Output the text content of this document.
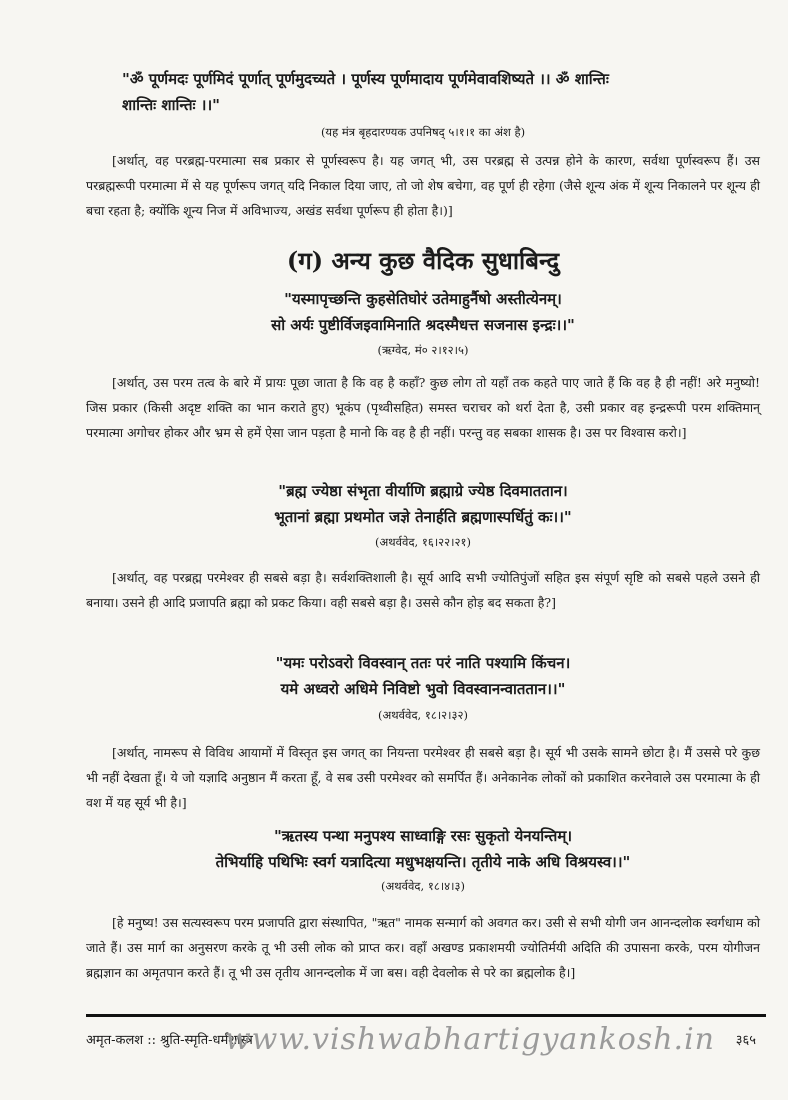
"ॐ पूर्णमदः पूर्णमिदं पूर्णात् पूर्णमुदच्यते । पूर्णस्य पूर्णमादाय पूर्णमेवावशिष्यते ।। ॐ शान्तिः
शान्तिः शान्तिः ।।"
(यह मंत्र बृहदारण्यक उपनिषद् ५।१।१ का अंश है)
[अर्थात्, वह परब्रह्म-परमात्मा सब प्रकार से पूर्णस्वरूप है। यह जगत् भी, उस परब्रह्म से उत्पन्न होने के कारण, सर्वथा पूर्णस्वरूप हैं। उस परब्रह्मरूपी परमात्मा में से यह पूर्णरूप जगत् यदि निकाल दिया जाए, तो जो शेष बचेगा, वह पूर्ण ही रहेगा (जैसे शून्य अंक में शून्य निकालने पर शून्य ही बचा रहता है; क्योंकि शून्य निज में अविभाज्य, अखंड सर्वथा पूर्णरूप ही होता है।)]
(ग) अन्य कुछ वैदिक सुधाबिन्दु
"यस्मापृच्छन्ति कुहसेतिघोरं उतेमाहुर्नैषो अस्तीत्येनम्।
सो अर्यः पुष्टीर्विजइवामिनाति श्रदस्मैधत्त सजनास इन्द्रः।।"
(ऋग्वेद, मं० २।१२।५)
[अर्थात्, उस परम तत्व के बारे में प्रायः पूछा जाता है कि वह है कहाँ? कुछ लोग तो यहाँ तक कहते पाए जाते हैं कि वह है ही नहीं! अरे मनुष्यो! जिस प्रकार (किसी अदृष्ट शक्ति का भान कराते हुए) भूकंप (पृथ्वीसहित) समस्त चराचर को थर्रा देता है, उसी प्रकार वह इन्द्ररूपी परम शक्तिमान् परमात्मा अगोचर होकर और भ्रम से हमें ऐसा जान पड़ता है मानो कि वह है ही नहीं। परन्तु वह सबका शासक है। उस पर विश्वास करो।]
"ब्रह्म ज्येष्ठा संभृता वीर्याणि ब्रह्माग्रे ज्येष्ठ दिवमाततान।
भूतानां ब्रह्मा प्रथमोत जज्ञे तेनार्हति ब्रह्मणास्पर्धितुं कः।।"
(अथर्ववेद, १६।२२।२१)
[अर्थात्, वह परब्रह्म परमेश्वर ही सबसे बड़ा है। सर्वशक्तिशाली है। सूर्य आदि सभी ज्योतिपुंजों सहित इस संपूर्ण सृष्टि को सबसे पहले उसने ही बनाया। उसने ही आदि प्रजापति ब्रह्मा को प्रकट किया। वही सबसे बड़ा है। उससे कौन होड़ बद सकता है?]
"यमः परोऽवरो विवस्वान् ततः परं नाति पश्यामि किंचन।
यमे अध्वरो अधिमे निविष्टो भुवो विवस्वानन्वाततान।।"
(अथर्ववेद, १८।२।३२)
[अर्थात्, नामरूप से विविध आयामों में विस्तृत इस जगत् का नियन्ता परमेश्वर ही सबसे बड़ा है। सूर्य भी उसके सामने छोटा है। मैं उससे परे कुछ भी नहीं देखता हूँ। ये जो यज्ञादि अनुष्ठान मैं करता हूँ, वे सब उसी परमेश्वर को समर्पित हैं। अनेकानेक लोकों को प्रकाशित करनेवाले उस परमात्मा के ही वश में यह सूर्य भी है।]
"ऋतस्य पन्था मनुपश्य साध्वाङ्गि रसः सुकृतो येनयन्तिम्।
तेभिर्याहि पथिभिः स्वर्ग यत्रादित्या मधुभक्षयन्ति। तृतीये नाके अधि विश्रयस्व।।"
(अथर्ववेद, १८।४।३)
[हे मनुष्य! उस सत्यस्वरूप परम प्रजापति द्वारा संस्थापित, "ऋत" नामक सन्मार्ग को अवगत कर। उसी से सभी योगी जन आनन्दलोक स्वर्गधाम को जाते हैं। उस मार्ग का अनुसरण करके तू भी उसी लोक को प्राप्त कर। वहाँ अखण्ड प्रकाशमयी ज्योतिर्मयी अदिति की उपासना करके, परम योगीजन ब्रह्मज्ञान का अमृतपान करते हैं। तू भी उस तृतीय आनन्दलोक में जा बस। वही देवलोक से परे का ब्रह्मलोक है।]
अमृत-कलश :: श्रुति-स्मृति-धर्मशास्त्र	३६५
www.vishwabhartigyankosh.in
